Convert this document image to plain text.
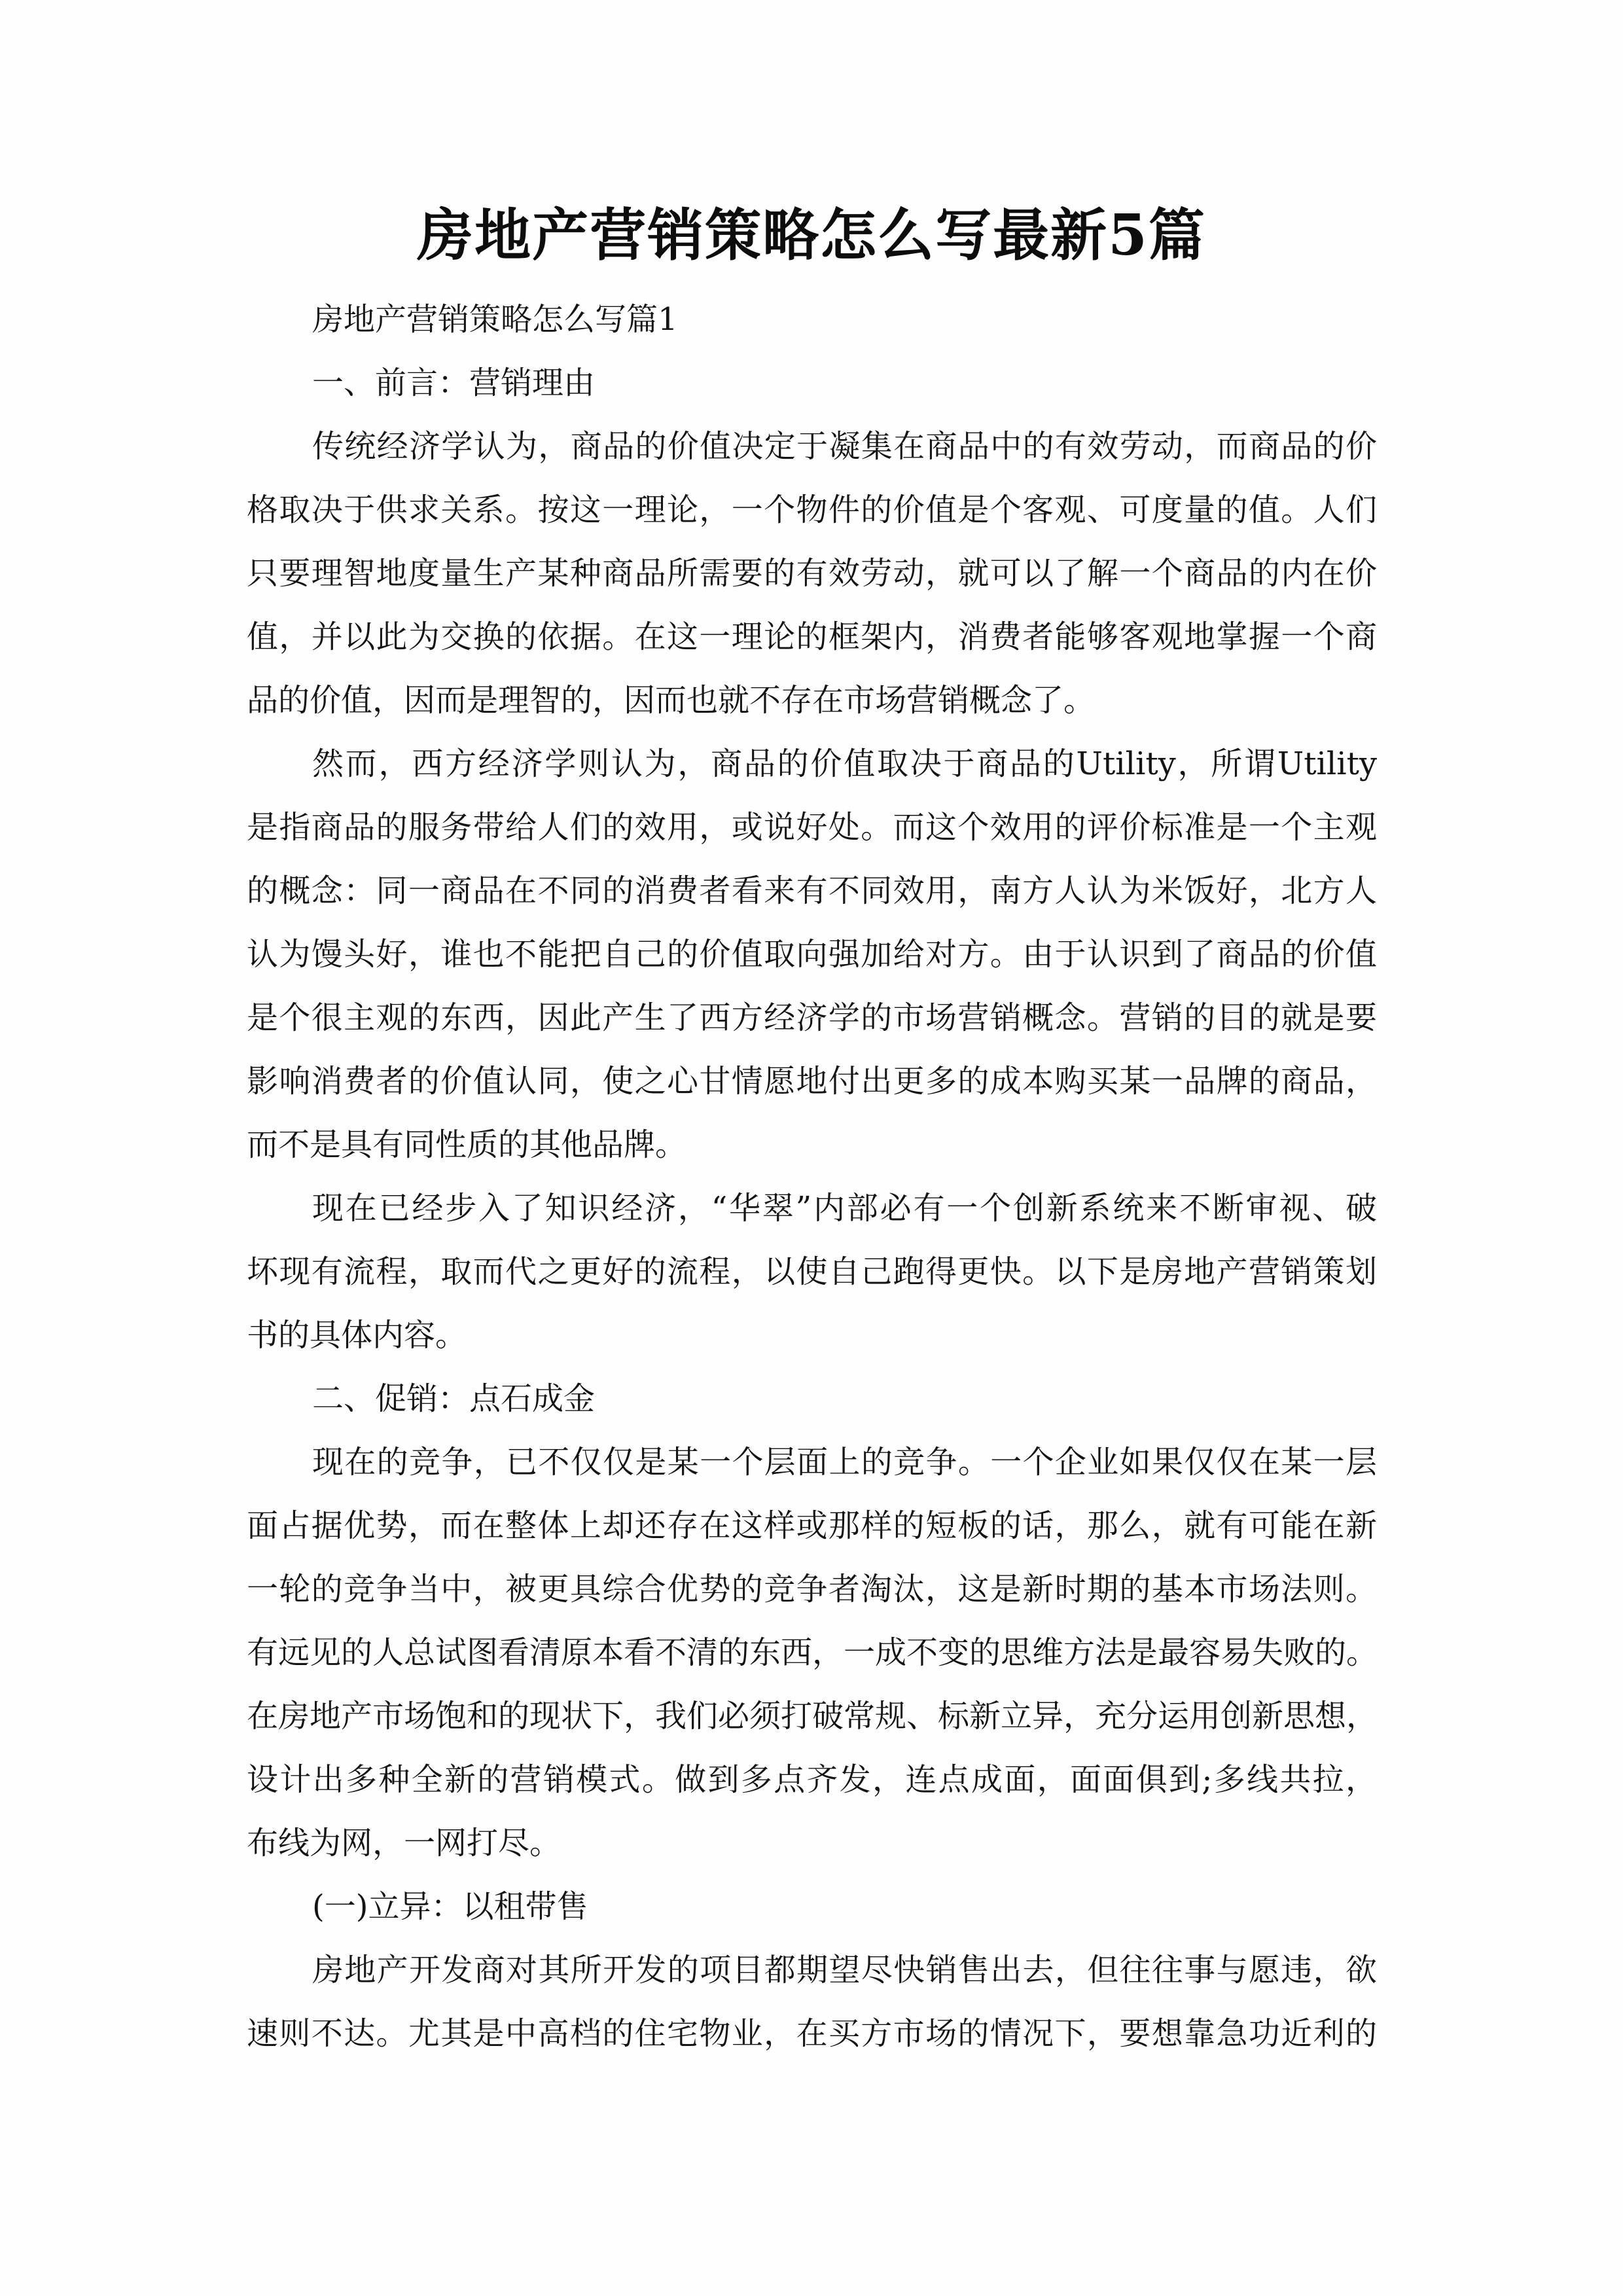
房地产营销策略怎么写最新5篇
房地产营销策略怎么写篇1
一、前言：营销理由
传统经济学认为，商品的价值决定于凝集在商品中的有效劳动，而商品的价
格取决于供求关系。按这一理论，一个物件的价值是个客观、可度量的值。人们
只要理智地度量生产某种商品所需要的有效劳动，就可以了解一个商品的内在价
值，并以此为交换的依据。在这一理论的框架内，消费者能够客观地掌握一个商
品的价值，因而是理智的，因而也就不存在市场营销概念了。
然而，西方经济学则认为，商品的价值取决于商品的Utility，所谓Utility
是指商品的服务带给人们的效用，或说好处。而这个效用的评价标准是一个主观
的概念：同一商品在不同的消费者看来有不同效用，南方人认为米饭好，北方人
认为馒头好，谁也不能把自己的价值取向强加给对方。由于认识到了商品的价值
是个很主观的东西，因此产生了西方经济学的市场营销概念。营销的目的就是要
影响消费者的价值认同，使之心甘情愿地付出更多的成本购买某一品牌的商品，
而不是具有同性质的其他品牌。
现在已经步入了知识经济，“华翠”内部必有一个创新系统来不断审视、破
坏现有流程，取而代之更好的流程，以使自己跑得更快。以下是房地产营销策划
书的具体内容。
二、促销：点石成金
现在的竞争，已不仅仅是某一个层面上的竞争。一个企业如果仅仅在某一层
面占据优势，而在整体上却还存在这样或那样的短板的话，那么，就有可能在新
一轮的竞争当中，被更具综合优势的竞争者淘汰，这是新时期的基本市场法则。
有远见的人总试图看清原本看不清的东西，一成不变的思维方法是最容易失败的。
在房地产市场饱和的现状下，我们必须打破常规、标新立异，充分运用创新思想，
设计出多种全新的营销模式。做到多点齐发，连点成面，面面俱到;多线共拉，
布线为网，一网打尽。
(一)立异：以租带售
房地产开发商对其所开发的项目都期望尽快销售出去，但往往事与愿违，欲
速则不达。尤其是中高档的住宅物业，在买方市场的情况下，要想靠急功近利的
